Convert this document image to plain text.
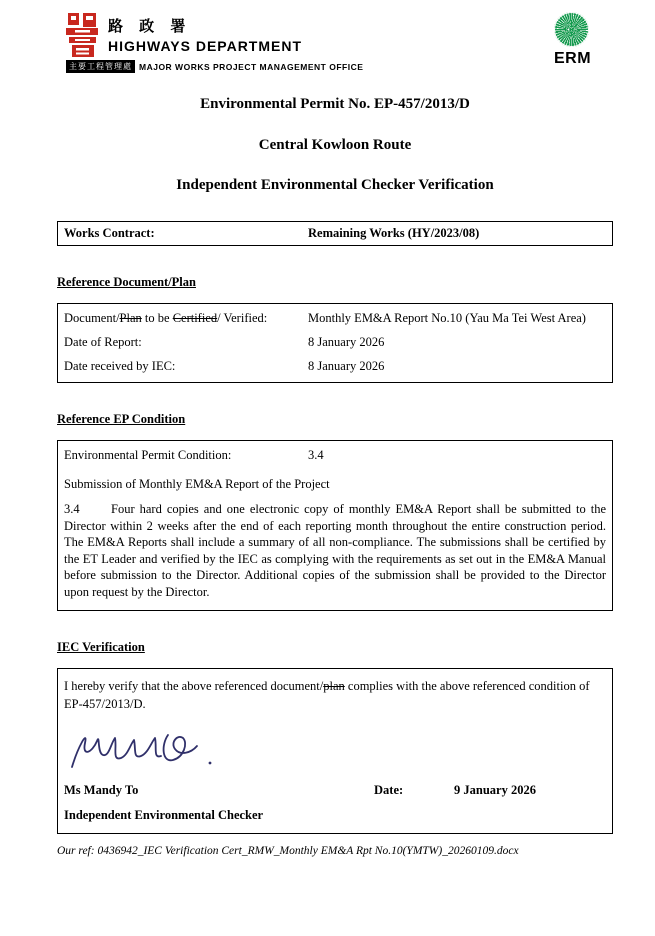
路 政 署
HIGHWAYS DEPARTMENT
主要工程管理處 MAJOR WORKS PROJECT MANAGEMENT OFFICE	ERM
Environmental Permit No. EP-457/2013/D
Central Kowloon Route
Independent Environmental Checker Verification
Works Contract:	Remaining Works (HY/2023/08)
Reference Document/Plan
Document/Plan to be Certified/ Verified:	Monthly EM&A Report No.10 (Yau Ma Tei West Area)
Date of Report:	8 January 2026
Date received by IEC:	8 January 2026
Reference EP Condition
Environmental Permit Condition:	3.4
Submission of Monthly EM&A Report of the Project
3.4	Four hard copies and one electronic copy of monthly EM&A Report shall be submitted to the Director within 2 weeks after the end of each reporting month throughout the entire construction period. The EM&A Reports shall include a summary of all non-compliance. The submissions shall be certified by the ET Leader and verified by the IEC as complying with the requirements as set out in the EM&A Manual before submission to the Director. Additional copies of the submission shall be provided to the Director upon request by the Director.
IEC Verification
I hereby verify that the above referenced document/plan complies with the above referenced condition of EP-457/2013/D.
Ms Mandy To	Date:	9 January 2026
Independent Environmental Checker
Our ref: 0436942_IEC Verification Cert_RMW_Monthly EM&A Rpt No.10(YMTW)_20260109.docx
